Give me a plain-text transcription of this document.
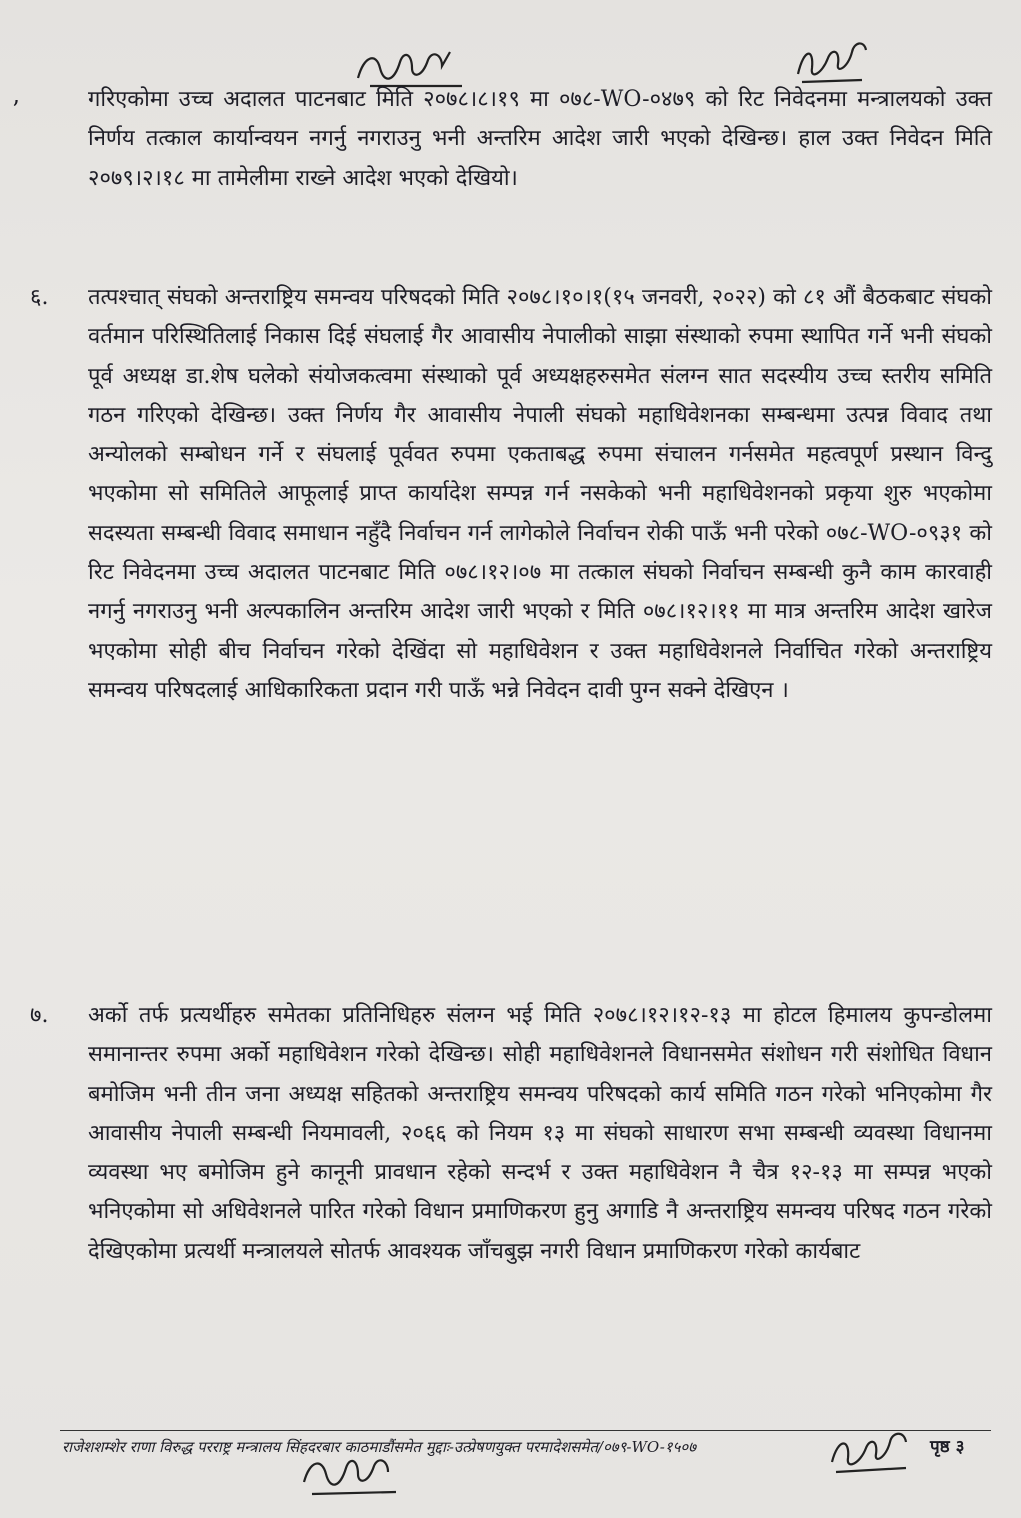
’	गरिएकोमा उच्च अदालत पाटनबाट मिति २०७८।८।१९ मा ०७८-WO-०४७९ को रिट निवेदनमा मन्त्रालयको उक्त निर्णय तत्काल कार्यान्वयन नगर्नु नगराउनु भनी अन्तरिम आदेश जारी भएको देखिन्छ। हाल उक्त निवेदन मिति २०७९।२।१८ मा तामेलीमा राख्ने आदेश भएको देखियो।
६. तत्पश्चात् संघको अन्तराष्ट्रिय समन्वय परिषदको मिति २०७८।१०।१(१५ जनवरी, २०२२) को ८१ औं बैठकबाट संघको वर्तमान परिस्थितिलाई निकास दिई संघलाई गैर आवासीय नेपालीको साझा संस्थाको रुपमा स्थापित गर्ने भनी संघको पूर्व अध्यक्ष डा.शेष घलेको संयोजकत्वमा संस्थाको पूर्व अध्यक्षहरुसमेत संलग्न सात सदस्यीय उच्च स्तरीय समिति गठन गरिएको देखिन्छ। उक्त निर्णय गैर आवासीय नेपाली संघको महाधिवेशनका सम्बन्धमा उत्पन्न विवाद तथा अन्योलको सम्बोधन गर्ने र संघलाई पूर्ववत रुपमा एकताबद्ध रुपमा संचालन गर्नसमेत महत्वपूर्ण प्रस्थान विन्दु भएकोमा सो समितिले आफूलाई प्राप्त कार्यादेश सम्पन्न गर्न नसकेको भनी महाधिवेशनको प्रकृया शुरु भएकोमा सदस्यता सम्बन्धी विवाद समाधान नहुँदै निर्वाचन गर्न लागेकोले निर्वाचन रोकी पाऊँ भनी परेको ०७८-WO-०९३१ को रिट निवेदनमा उच्च अदालत पाटनबाट मिति ०७८।१२।०७ मा तत्काल संघको निर्वाचन सम्बन्धी कुनै काम कारवाही नगर्नु नगराउनु भनी अल्पकालिन अन्तरिम आदेश जारी भएको र मिति ०७८।१२।११ मा मात्र अन्तरिम आदेश खारेज भएकोमा सोही बीच निर्वाचन गरेको देखिंदा सो महाधिवेशन र उक्त महाधिवेशनले निर्वाचित गरेको अन्तराष्ट्रिय समन्वय परिषदलाई आधिकारिकता प्रदान गरी पाऊँ भन्ने निवेदन दावी पुग्न सक्ने देखिएन ।
७. अर्को तर्फ प्रत्यर्थीहरु समेतका प्रतिनिधिहरु संलग्न भई मिति २०७८।१२।१२-१३ मा होटल हिमालय कुपन्डोलमा समानान्तर रुपमा अर्को महाधिवेशन गरेको देखिन्छ। सोही महाधिवेशनले विधानसमेत संशोधन गरी संशोधित विधान बमोजिम भनी तीन जना अध्यक्ष सहितको अन्तराष्ट्रिय समन्वय परिषदको कार्य समिति गठन गरेको भनिएकोमा गैर आवासीय नेपाली सम्बन्धी नियमावली, २०६६ को नियम १३ मा संघको साधारण सभा सम्बन्धी व्यवस्था विधानमा व्यवस्था भए बमोजिम हुने कानूनी प्रावधान रहेको सन्दर्भ र उक्त महाधिवेशन नै चैत्र १२-१३ मा सम्पन्न भएको भनिएकोमा सो अधिवेशनले पारित गरेको विधान प्रमाणिकरण हुनु अगाडि नै अन्तराष्ट्रिय समन्वय परिषद गठन गरेको देखिएकोमा प्रत्यर्थी मन्त्रालयले सोतर्फ आवश्यक जाँचबुझ नगरी विधान प्रमाणिकरण गरेको कार्यबाट
राजेशशम्शेर राणा विरुद्ध परराष्ट्र मन्त्रालय सिंहदरबार काठमाडौंसमेत मुद्दाः-उत्प्रेषणयुक्त परमादेशसमेत/०७९-WO-१५०७	पृष्ठ ३
